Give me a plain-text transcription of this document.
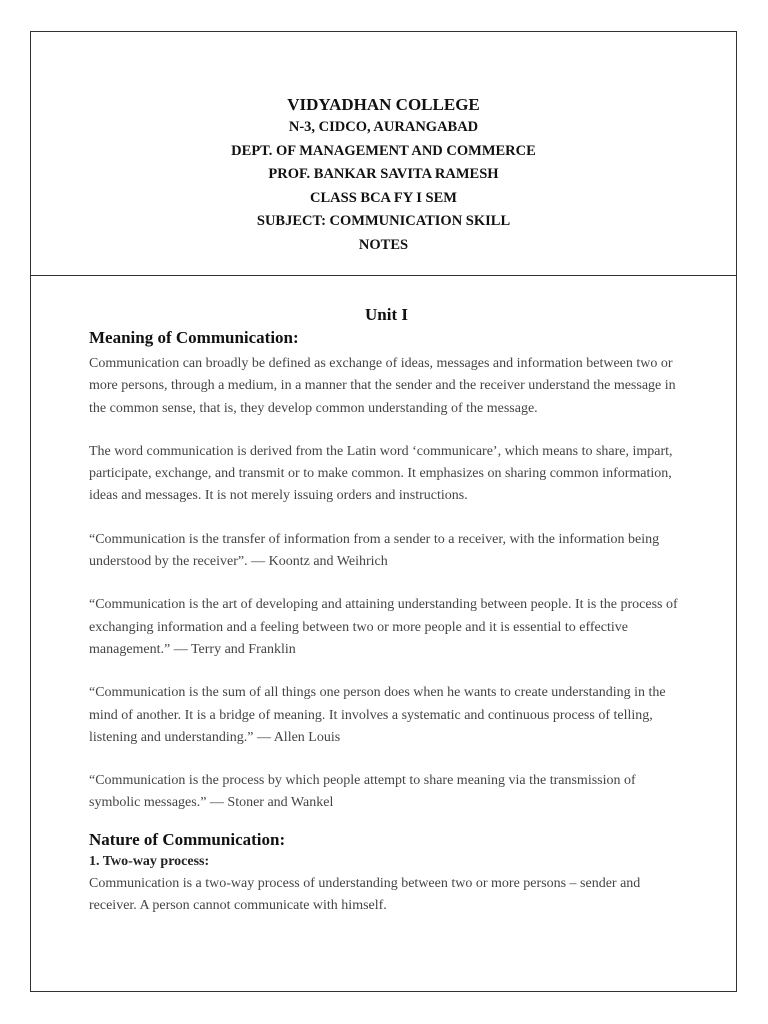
VIDYADHAN COLLEGE
N-3, CIDCO, AURANGABAD
DEPT. OF MANAGEMENT AND COMMERCE
PROF. BANKAR SAVITA RAMESH
CLASS BCA FY I SEM
SUBJECT: COMMUNICATION SKILL
NOTES
Unit I
Meaning of Communication:

Communication can broadly be defined as exchange of ideas, messages and information between two or more persons, through a medium, in a manner that the sender and the receiver understand the message in the common sense, that is, they develop common understanding of the message.

The word communication is derived from the Latin word ‘communicare’, which means to share, impart, participate, exchange, and transmit or to make common. It emphasizes on sharing common information, ideas and messages. It is not merely issuing orders and instructions.

“Communication is the transfer of information from a sender to a receiver, with the information being understood by the receiver”. — Koontz and Weihrich

“Communication is the art of developing and attaining understanding between people. It is the process of exchanging information and a feeling between two or more people and it is essential to effective management.” — Terry and Franklin

“Communication is the sum of all things one person does when he wants to create understanding in the mind of another. It is a bridge of meaning. It involves a systematic and continuous process of telling, listening and understanding.” — Allen Louis

“Communication is the process by which people attempt to share meaning via the transmission of symbolic messages.” — Stoner and Wankel

Nature of Communication:
1. Two-way process:

Communication is a two-way process of understanding between two or more persons – sender and receiver. A person cannot communicate with himself.
